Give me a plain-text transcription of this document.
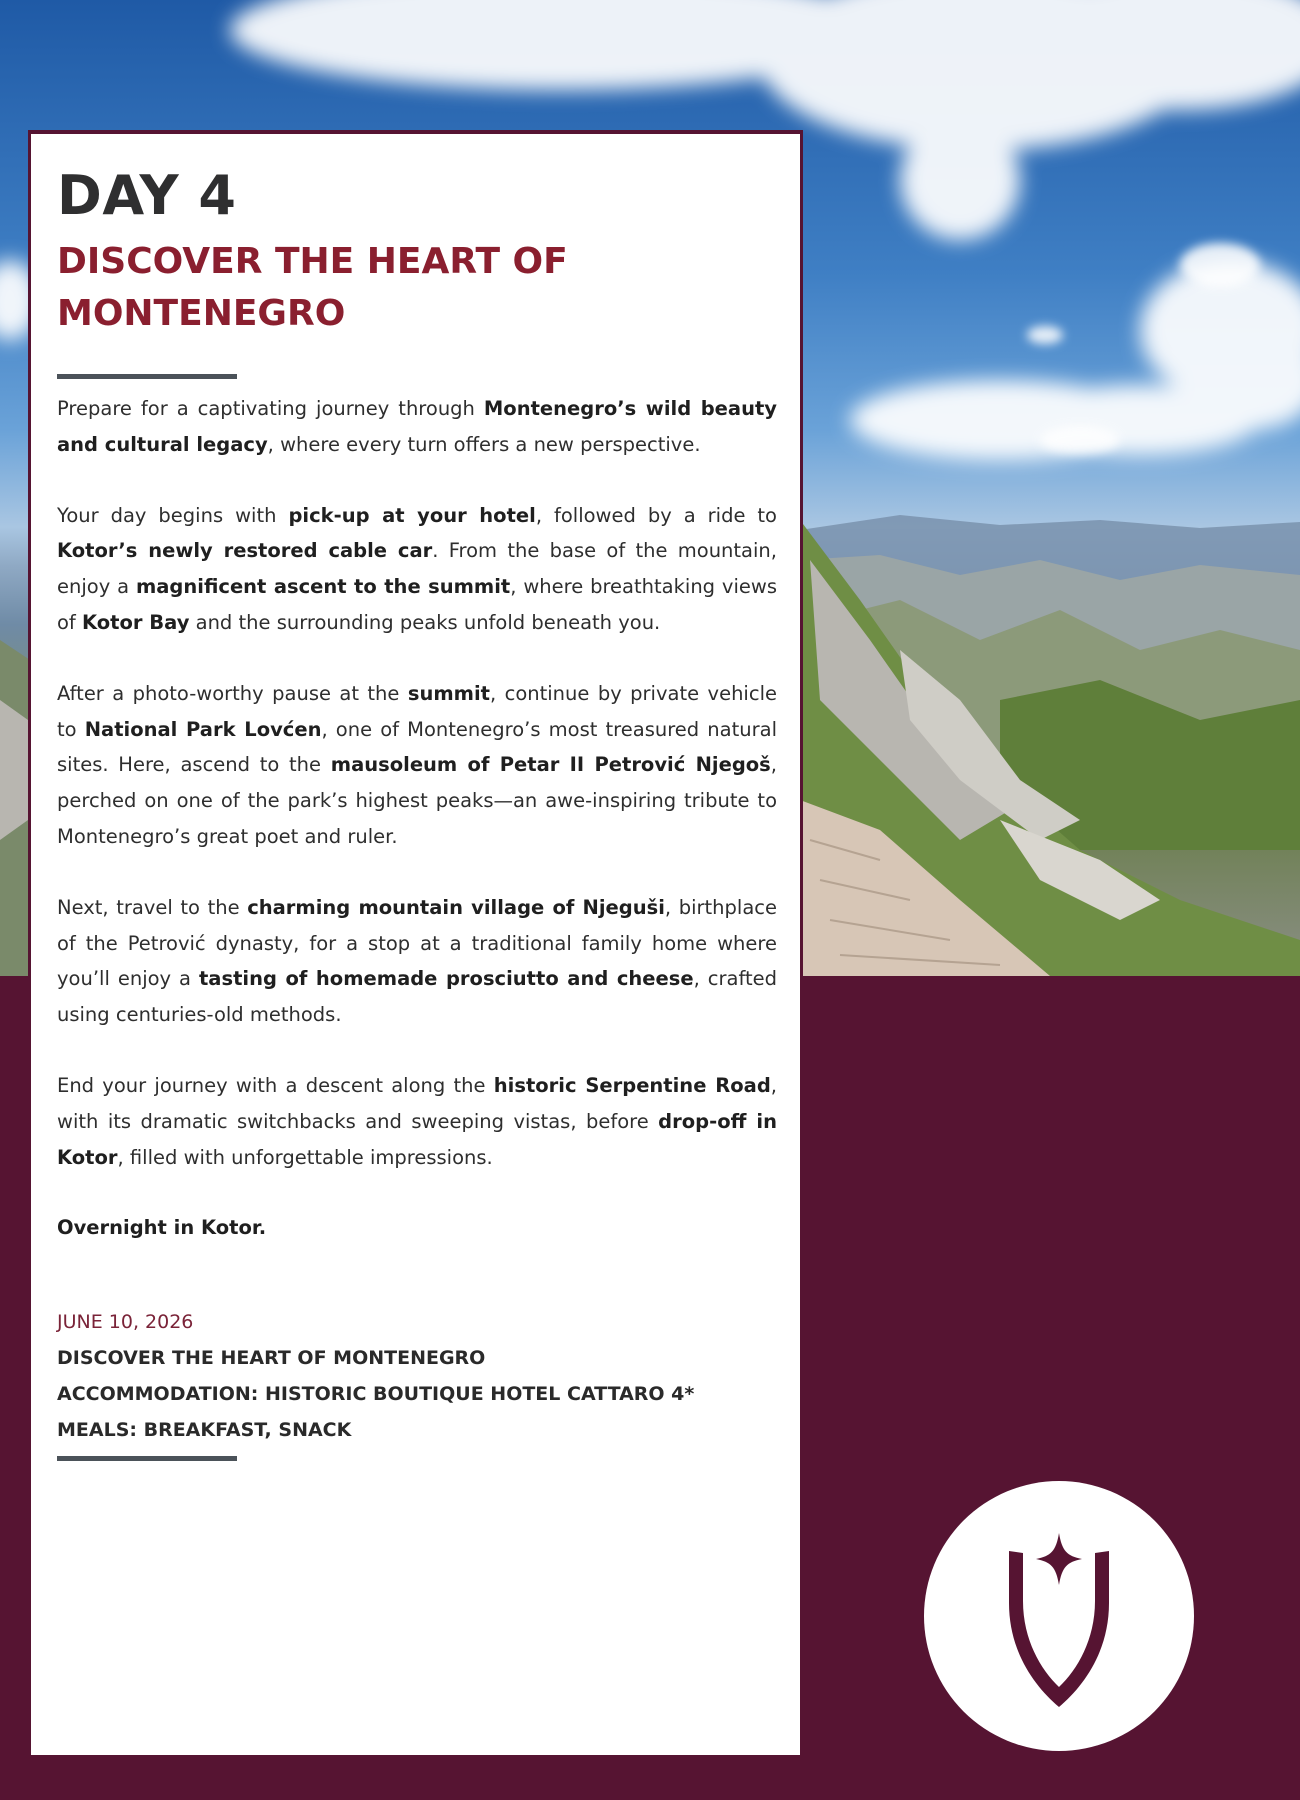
DAY 4
DISCOVER THE HEART OF MONTENEGRO

Prepare for a captivating journey through Montenegro’s wild beauty and cultural legacy, where every turn offers a new perspective.

Your day begins with pick-up at your hotel, followed by a ride to Kotor’s newly restored cable car. From the base of the mountain, enjoy a magnificent ascent to the summit, where breathtaking views of Kotor Bay and the surrounding peaks unfold beneath you.

After a photo-worthy pause at the summit, continue by private vehicle to National Park Lovćen, one of Montenegro’s most treasured natural sites. Here, ascend to the mausoleum of Petar II Petrović Njegoš, perched on one of the park’s highest peaks—an awe-inspiring tribute to Montenegro’s great poet and ruler.

Next, travel to the charming mountain village of Njeguši, birthplace of the Petrović dynasty, for a stop at a traditional family home where you’ll enjoy a tasting of homemade prosciutto and cheese, crafted using centuries-old methods.

End your journey with a descent along the historic Serpentine Road, with its dramatic switchbacks and sweeping vistas, before drop-off in Kotor, filled with unforgettable impressions.

Overnight in Kotor.

JUNE 10, 2026
DISCOVER THE HEART OF MONTENEGRO
ACCOMMODATION: HISTORIC BOUTIQUE HOTEL CATTARO 4*
MEALS: BREAKFAST, SNACK
